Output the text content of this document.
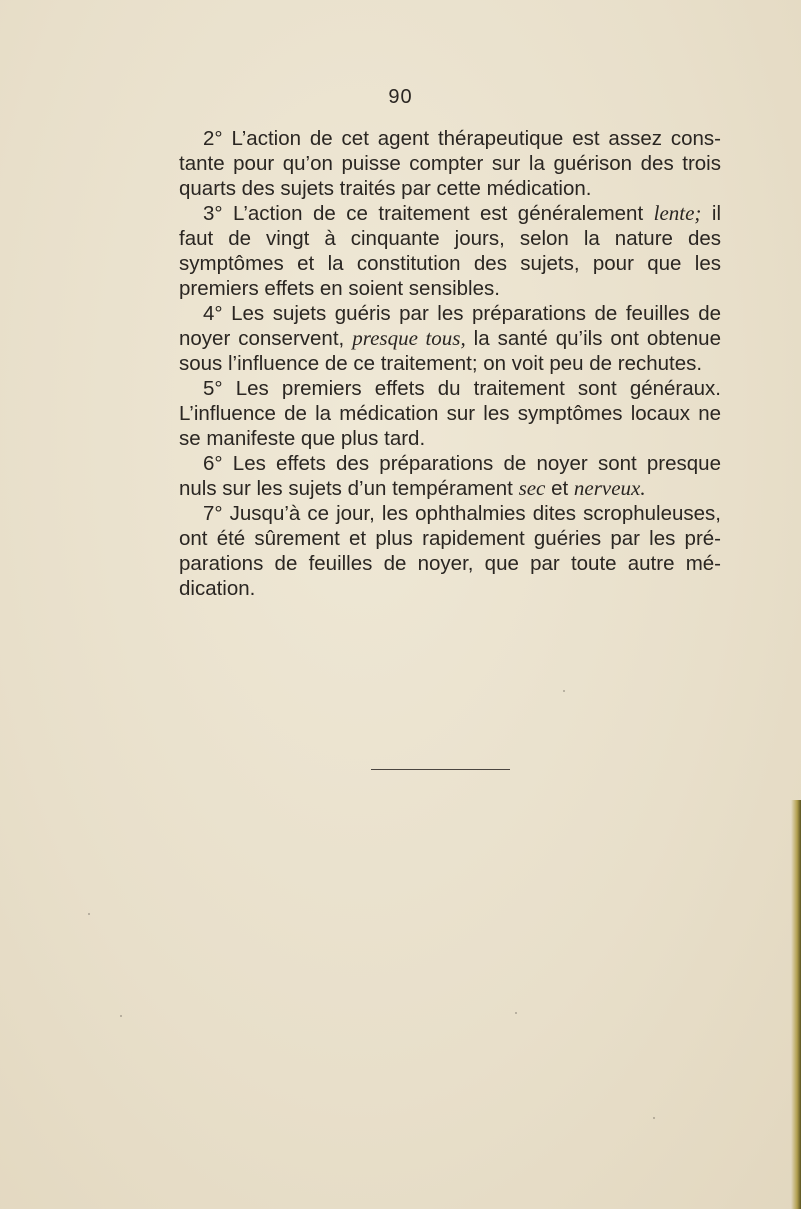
90

2° L’action de cet agent thérapeutique est assez cons- tante pour qu’on puisse compter sur la guérison des trois quarts des sujets traités par cette médication.

3° L’action de ce traitement est généralement lente; il faut de vingt à cinquante jours, selon la nature des symptômes et la constitution des sujets, pour que les premiers effets en soient sensibles.

4° Les sujets guéris par les préparations de feuilles de noyer conservent, presque tous, la santé qu’ils ont obtenue sous l’influence de ce traitement; on voit peu de rechutes.

5° Les premiers effets du traitement sont généraux. L’influence de la médication sur les symptômes locaux ne se manifeste que plus tard.

6° Les effets des préparations de noyer sont presque nuls sur les sujets d’un tempérament sec et nerveux.

7° Jusqu’à ce jour, les ophthalmies dites scrophuleuses, ont été sûrement et plus rapidement guéries par les pré- parations de feuilles de noyer, que par toute autre mé- dication.
